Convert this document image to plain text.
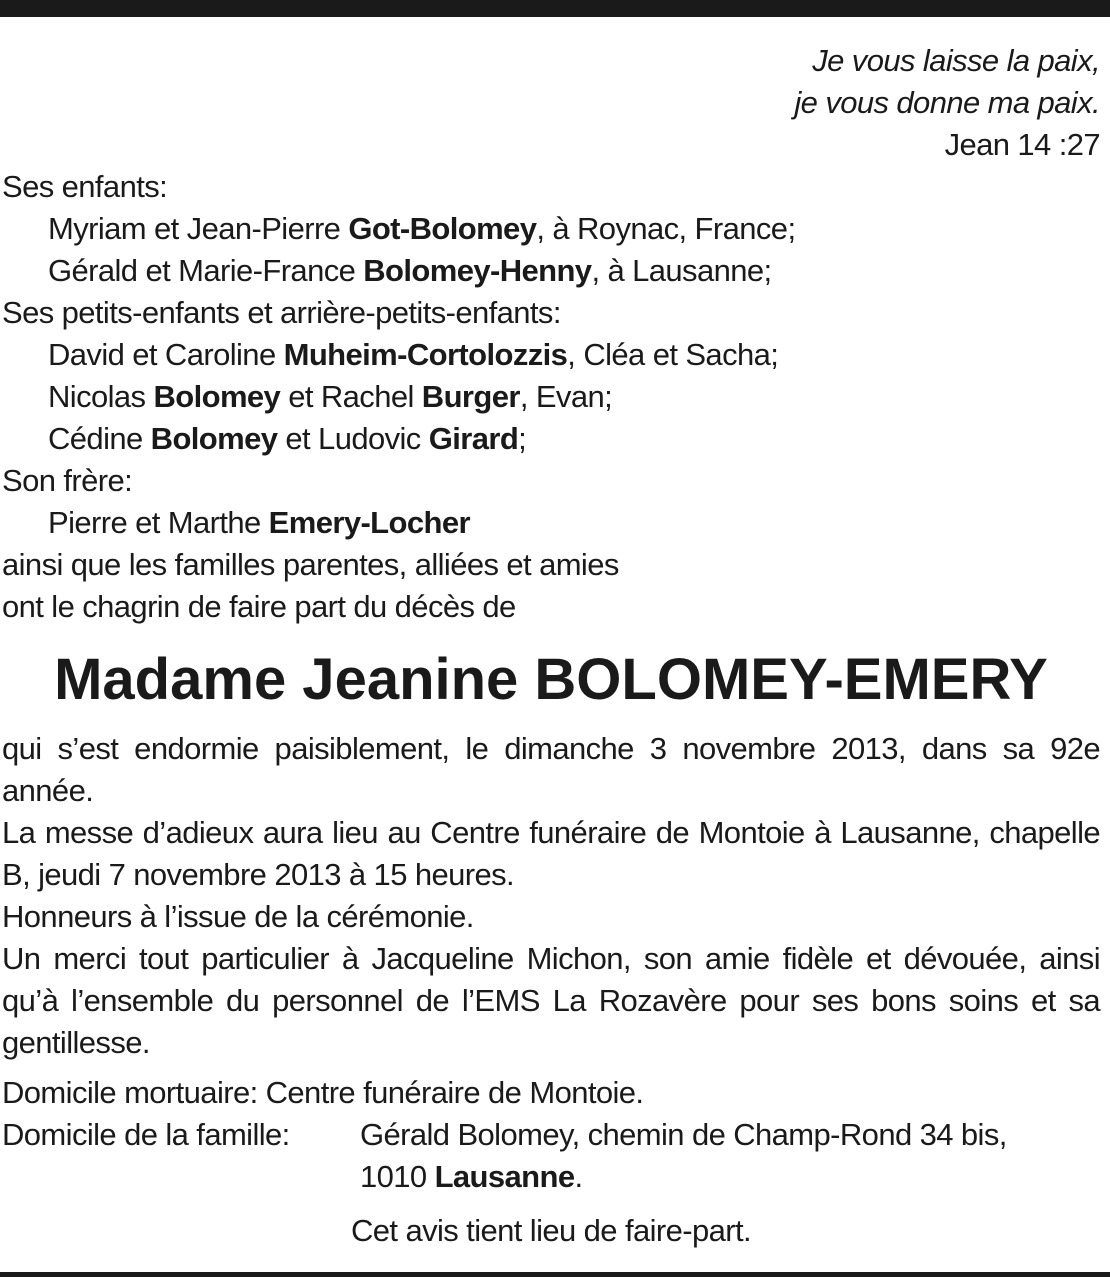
Je vous laisse la paix,
je vous donne ma paix.
Jean 14 :27
Ses enfants:
Myriam et Jean-Pierre Got-Bolomey, à Roynac, France;
Gérald et Marie-France Bolomey-Henny, à Lausanne;
Ses petits-enfants et arrière-petits-enfants:
David et Caroline Muheim-Cortolozzis, Cléa et Sacha;
Nicolas Bolomey et Rachel Burger, Evan;
Cédine Bolomey et Ludovic Girard;
Son frère:
Pierre et Marthe Emery-Locher
ainsi que les familles parentes, alliées et amies
ont le chagrin de faire part du décès de
Madame Jeanine BOLOMEY-EMERY
qui s’est endormie paisiblement, le dimanche 3 novembre 2013, dans sa 92e année.
La messe d’adieux aura lieu au Centre funéraire de Montoie à Lausanne, chapelle B, jeudi 7 novembre 2013 à 15 heures.
Honneurs à l’issue de la cérémonie.
Un merci tout particulier à Jacqueline Michon, son amie fidèle et dévouée, ainsi qu’à l’ensemble du personnel de l’EMS La Rozavère pour ses bons soins et sa gentillesse.
Domicile mortuaire: Centre funéraire de Montoie.
Domicile de la famille:	Gérald Bolomey, chemin de Champ-Rond 34 bis,
1010 Lausanne.
Cet avis tient lieu de faire-part.
